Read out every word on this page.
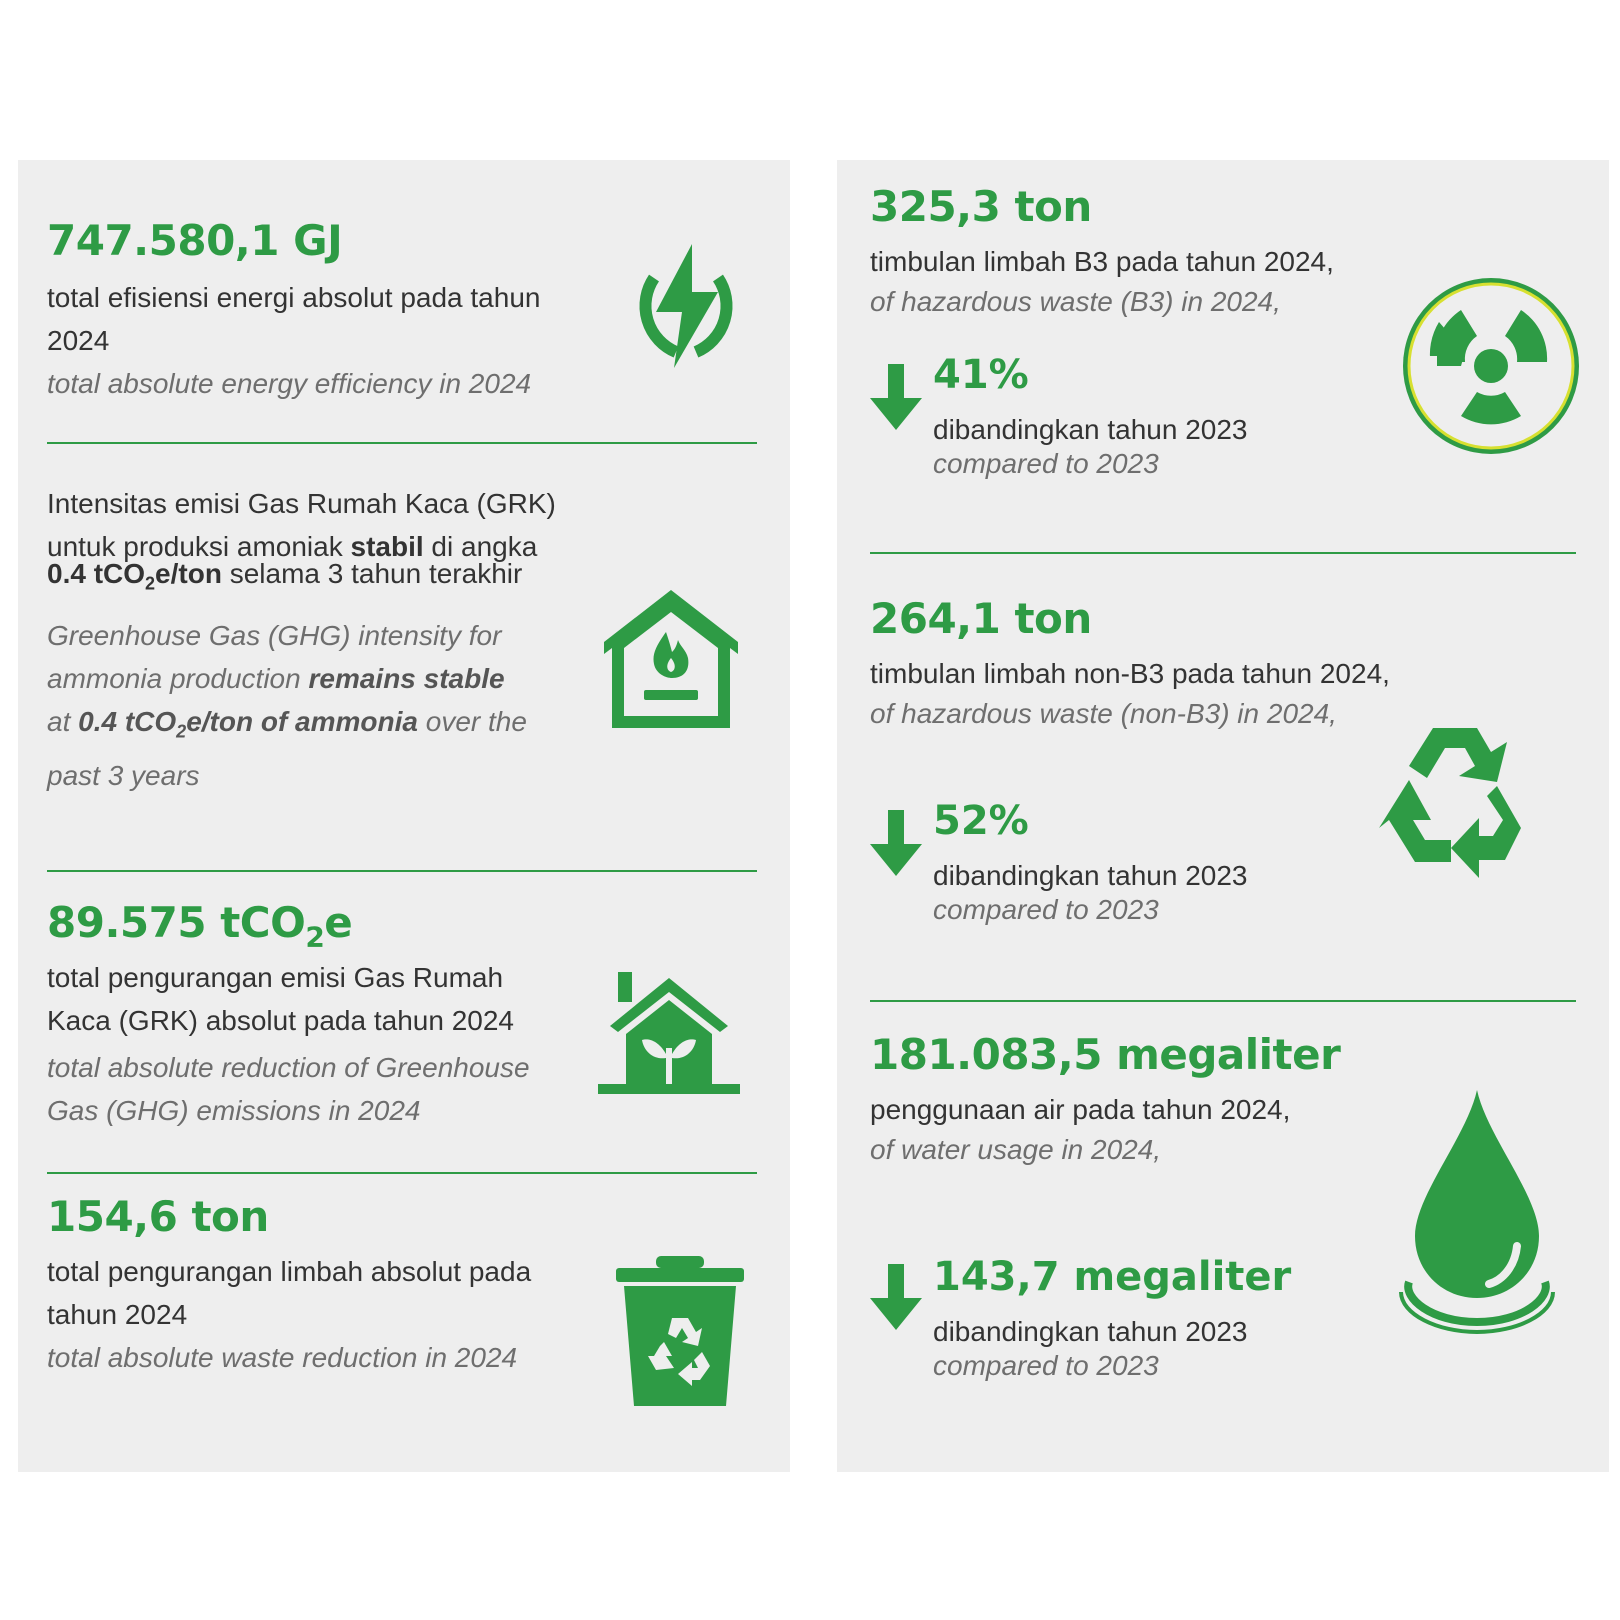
747.580,1 GJ
total efisiensi energi absolut pada tahun 2024
total absolute energy efficiency in 2024
Intensitas emisi Gas Rumah Kaca (GRK)
untuk produksi amoniak stabil di angka
0.4 tCO$_2$e/ton selama 3 tahun terakhir
Greenhouse Gas (GHG) intensity for
ammonia production remains stable
at 0.4 tCO$_2$e/ton of ammonia over the
past 3 years
89.575 tCO$_2$e
total pengurangan emisi Gas Rumah Kaca (GRK) absolut pada tahun 2024
total absolute reduction of Greenhouse Gas (GHG) emissions in 2024
154,6 ton
total pengurangan limbah absolut pada tahun 2024
total absolute waste reduction in 2024
325,3 ton
timbulan limbah B3 pada tahun 2024,
of hazardous waste (B3) in 2024,
41%
dibandingkan tahun 2023
compared to 2023
264,1 ton
timbulan limbah non-B3 pada tahun 2024,
of hazardous waste (non-B3) in 2024,
52%
dibandingkan tahun 2023
compared to 2023
181.083,5 megaliter
penggunaan air pada tahun 2024,
of water usage in 2024,
143,7 megaliter
dibandingkan tahun 2023
compared to 2023
